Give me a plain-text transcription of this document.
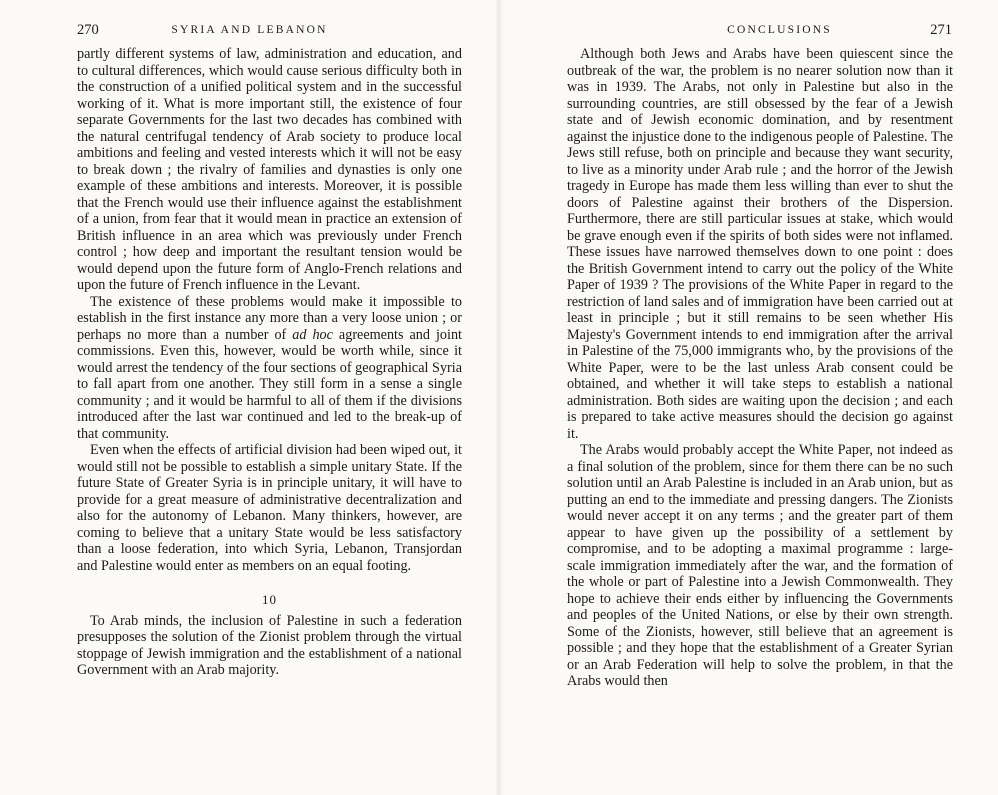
270	SYRIA AND LEBANON

partly different systems of law, administration and education, and to cultural differences, which would cause serious difficulty both in the construction of a unified political system and in the successful working of it. What is more important still, the existence of four separate Governments for the last two decades has combined with the natural centrifugal tendency of Arab society to produce local ambitions and feeling and vested interests which it will not be easy to break down ; the rivalry of families and dynasties is only one example of these ambitions and interests. Moreover, it is possible that the French would use their influence against the establishment of a union, from fear that it would mean in practice an extension of British influence in an area which was previously under French control ; how deep and important the resultant tension would be would depend upon the future form of Anglo-French relations and upon the future of French influence in the Levant.

The existence of these problems would make it impossible to establish in the first instance any more than a very loose union ; or perhaps no more than a number of ad hoc agreements and joint commissions. Even this, however, would be worth while, since it would arrest the tendency of the four sections of geographical Syria to fall apart from one another. They still form in a sense a single community ; and it would be harmful to all of them if the divisions introduced after the last war continued and led to the break-up of that community.

Even when the effects of artificial division had been wiped out, it would still not be possible to establish a simple unitary State. If the future State of Greater Syria is in principle unitary, it will have to provide for a great measure of administrative decentralization and also for the autonomy of Lebanon. Many thinkers, however, are coming to believe that a unitary State would be less satisfactory than a loose federation, into which Syria, Lebanon, Transjordan and Palestine would enter as members on an equal footing.

10

To Arab minds, the inclusion of Palestine in such a federation presupposes the solution of the Zionist problem through the virtual stoppage of Jewish immigration and the establishment of a national Government with an Arab majority.

CONCLUSIONS	271

Although both Jews and Arabs have been quiescent since the outbreak of the war, the problem is no nearer solution now than it was in 1939. The Arabs, not only in Palestine but also in the surrounding countries, are still obsessed by the fear of a Jewish state and of Jewish economic domination, and by resentment against the injustice done to the indigenous people of Palestine. The Jews still refuse, both on principle and because they want security, to live as a minority under Arab rule ; and the horror of the Jewish tragedy in Europe has made them less willing than ever to shut the doors of Palestine against their brothers of the Dispersion. Furthermore, there are still particular issues at stake, which would be grave enough even if the spirits of both sides were not inflamed. These issues have narrowed themselves down to one point : does the British Government intend to carry out the policy of the White Paper of 1939 ? The provisions of the White Paper in regard to the restriction of land sales and of immigration have been carried out at least in principle ; but it still remains to be seen whether His Majesty's Government intends to end immigration after the arrival in Palestine of the 75,000 immigrants who, by the provisions of the White Paper, were to be the last unless Arab consent could be obtained, and whether it will take steps to establish a national administration. Both sides are waiting upon the decision ; and each is prepared to take active measures should the decision go against it.

The Arabs would probably accept the White Paper, not indeed as a final solution of the problem, since for them there can be no such solution until an Arab Palestine is included in an Arab union, but as putting an end to the immediate and pressing dangers. The Zionists would never accept it on any terms ; and the greater part of them appear to have given up the possibility of a settlement by compromise, and to be adopting a maximal programme : large-scale immigration immediately after the war, and the formation of the whole or part of Palestine into a Jewish Commonwealth. They hope to achieve their ends either by influencing the Governments and peoples of the United Nations, or else by their own strength. Some of the Zionists, however, still believe that an agreement is possible ; and they hope that the establishment of a Greater Syrian or an Arab Federation will help to solve the problem, in that the Arabs would then
